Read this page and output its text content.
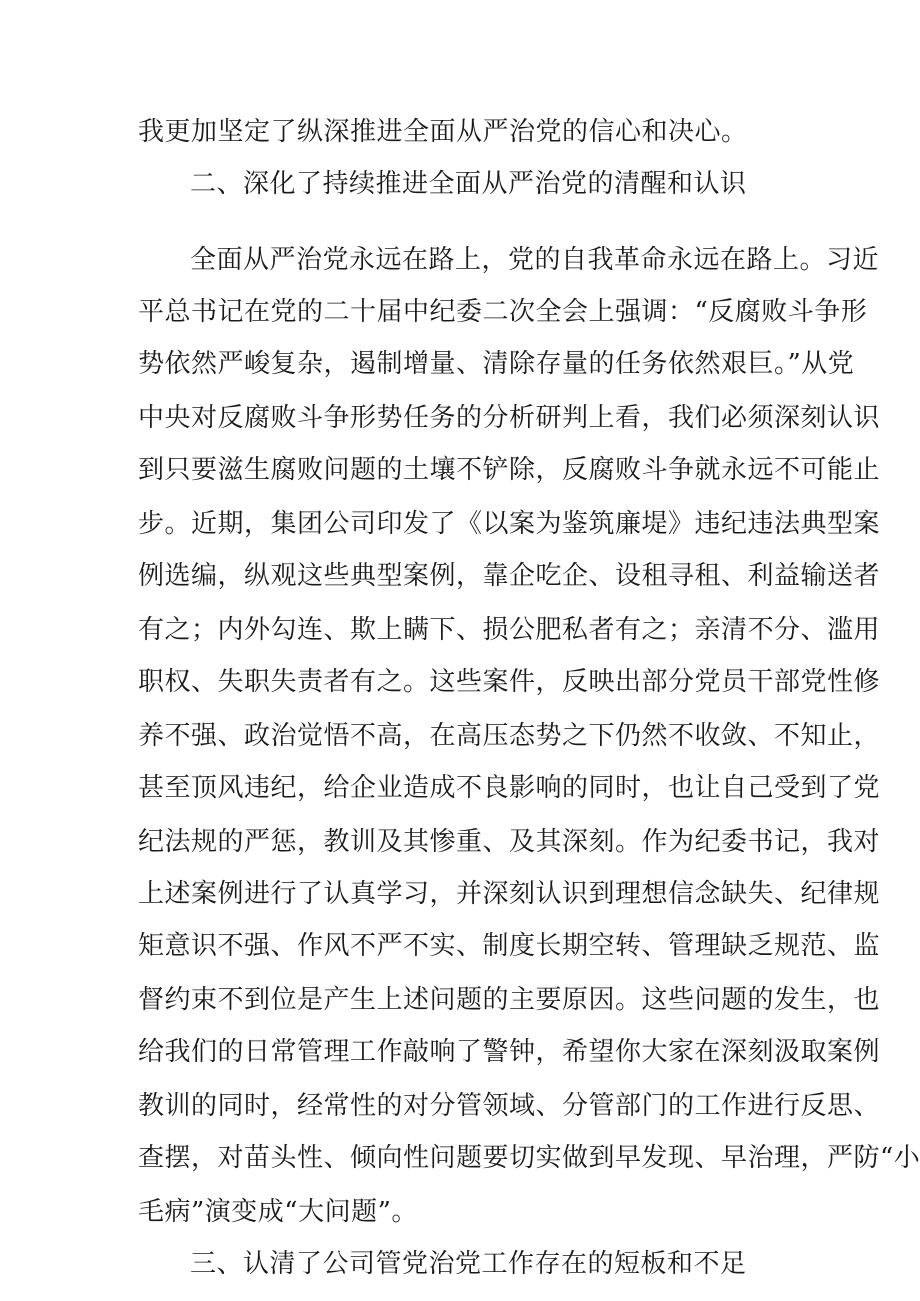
我更加坚定了纵深推进全面从严治党的信心和决心。
二、深化了持续推进全面从严治党的清醒和认识
全面从严治党永远在路上，党的自我革命永远在路上。习近
平总书记在党的二十届中纪委二次全会上强调：“反腐败斗争形
势依然严峻复杂，遏制增量、清除存量的任务依然艰巨。”从党
中央对反腐败斗争形势任务的分析研判上看，我们必须深刻认识
到只要滋生腐败问题的土壤不铲除，反腐败斗争就永远不可能止
步。近期，集团公司印发了《以案为鉴筑廉堤》违纪违法典型案
例选编，纵观这些典型案例，靠企吃企、设租寻租、利益输送者
有之；内外勾连、欺上瞒下、损公肥私者有之；亲清不分、滥用
职权、失职失责者有之。这些案件，反映出部分党员干部党性修
养不强、政治觉悟不高，在高压态势之下仍然不收敛、不知止，
甚至顶风违纪，给企业造成不良影响的同时，也让自己受到了党
纪法规的严惩，教训及其惨重、及其深刻。作为纪委书记，我对
上述案例进行了认真学习，并深刻认识到理想信念缺失、纪律规
矩意识不强、作风不严不实、制度长期空转、管理缺乏规范、监
督约束不到位是产生上述问题的主要原因。这些问题的发生，也
给我们的日常管理工作敲响了警钟，希望你大家在深刻汲取案例
教训的同时，经常性的对分管领域、分管部门的工作进行反思、
查摆，对苗头性、倾向性问题要切实做到早发现、早治理，严防“小
毛病”演变成“大问题”。
三、认清了公司管党治党工作存在的短板和不足
